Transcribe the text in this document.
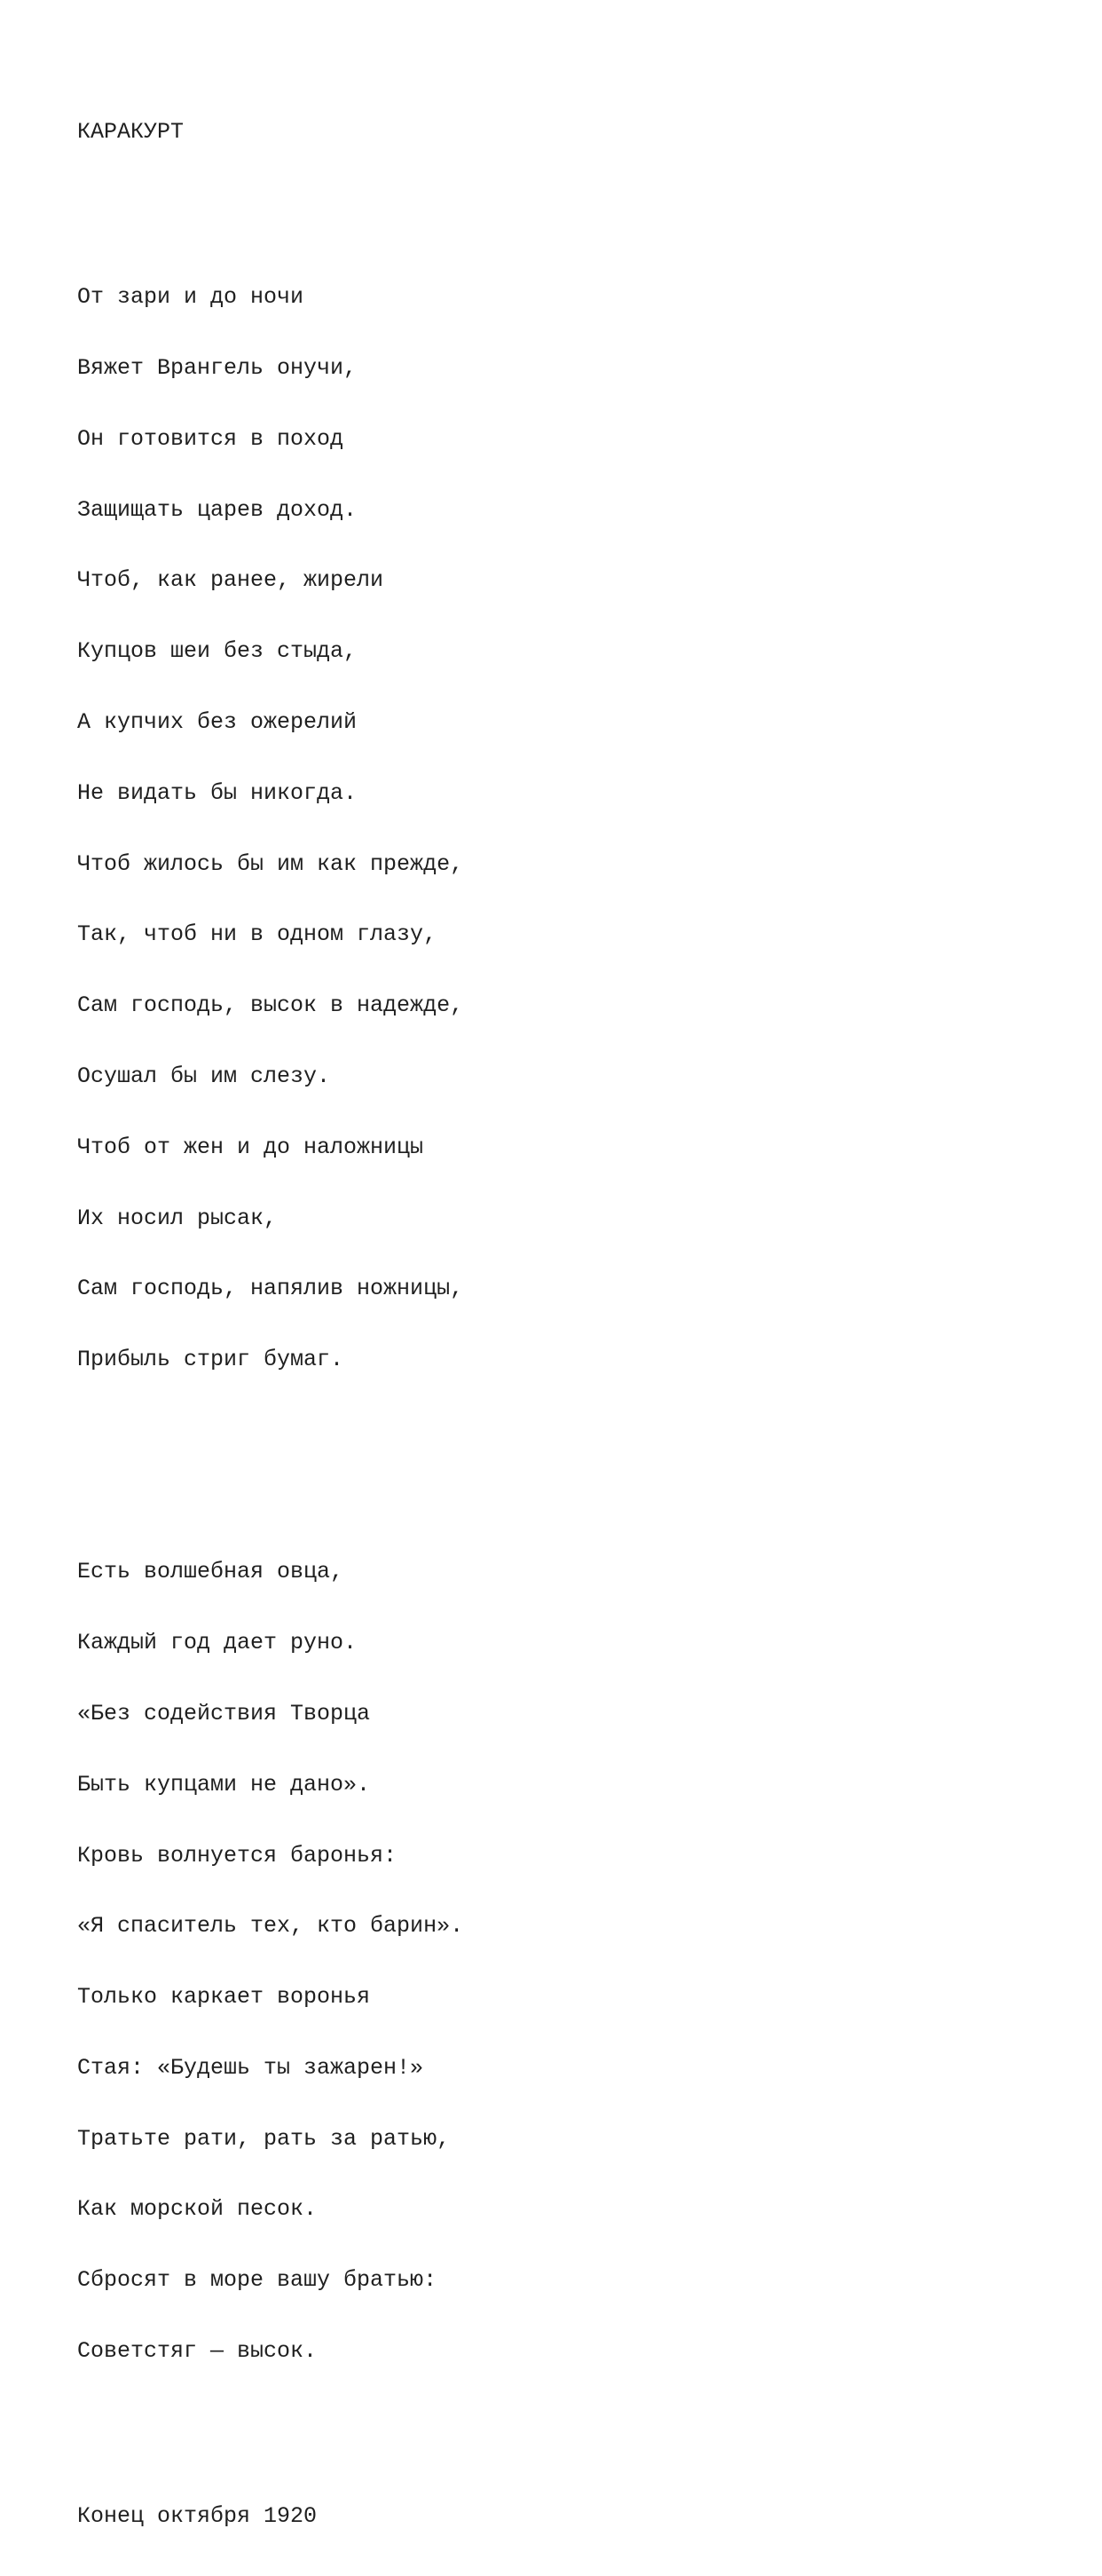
КАРАКУРТ

От зари и до ночи

Вяжет Врангель онучи,

Он готовится в поход

Защищать царев доход.

Чтоб, как ранее, жирели

Купцов шеи без стыда,

А купчих без ожерелий

Не видать бы никогда.

Чтоб жилось бы им как прежде,

Так, чтоб ни в одном глазу,

Сам господь, высок в надежде,

Осушал бы им слезу.

Чтоб от жен и до наложницы

Их носил рысак,

Сам господь, напялив ножницы,

Прибыль стриг бумаг.

Есть волшебная овца,

Каждый год дает руно.

«Без содействия Творца

Быть купцами не дано».

Кровь волнуется баронья:

«Я спаситель тех, кто барин».

Только каркает воронья

Стая: «Будешь ты зажарен!»

Тратьте рати, рать за ратью,

Как морской песок.

Сбросят в море вашу братью:

Советстяг — высок.

Конец октября 1920
